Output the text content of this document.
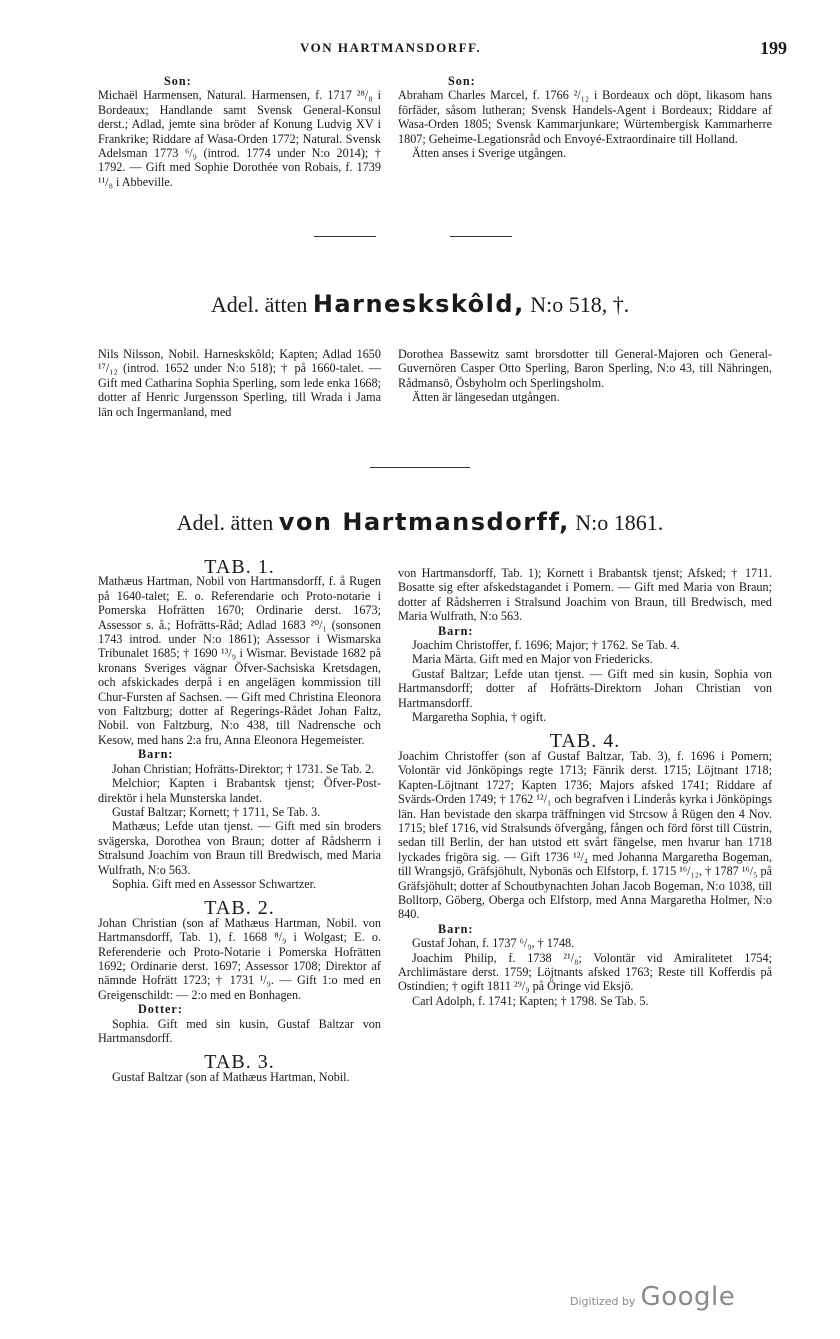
VON HARTMANSDORFF.	199

Son:

Michaël Harmensen, Natural. Harmensen, f. 1717 ²⁸/₈ i Bordeaux; Handlande samt Svensk General-Konsul derst.; Adlad, jemte sina bröder af Konung Ludvig XV i Frankrike; Riddare af Wasa-Orden 1772; Natural. Svensk Adelsman 1773 ⁶/₉ (introd. 1774 under N:o 2014); † 1792. — Gift med Sophie Dorothée von Robais, f. 1739 ¹¹/₈ i Abbeville.

Son:

Abraham Charles Marcel, f. 1766 ²/₁₂ i Bordeaux och döpt, likasom hans förfäder, såsom lutheran; Svensk Handels-Agent i Bordeaux; Riddare af Wasa-Orden 1805; Svensk Kammarjunkare; Würtembergisk Kammarherre 1807; Geheime-Legationsråd och Envoyé-Extraordinaire till Holland.

Ätten anses i Sverige utgången.

Adel. ätten Harneskskôld, N:o 518, †.

Nils Nilsson, Nobil. Harneskskôld; Kapten; Adlad 1650 ¹⁷/₁₂ (introd. 1652 under N:o 518); † på 1660-talet. — Gift med Catharina Sophia Sperling, som lede enka 1668; dotter af Henric Jurgensson Sperling, till Wrada i Jama län och Ingermanland, med

Dorothea Bassewitz samt brorsdotter till General-Majoren och General-Guvernören Casper Otto Sperling, Baron Sperling, N:o 43, till Nähringen, Rådmansö, Ösbyholm och Sperlingsholm.

Ätten är längesedan utgången.

Adel. ätten von Hartmansdorff, N:o 1861.

TAB. 1.

Mathæus Hartman, Nobil von Hartmansdorff, f. å Rugen på 1640-talet; E. o. Referendarie och Proto-notarie i Pomerska Hofrätten 1670; Ordinarie derst. 1673; Assessor s. å.; Hofrätts-Råd; Adlad 1683 ²⁰/₁ (sonsonen 1743 introd. under N:o 1861); Assessor i Wismarska Tribunalet 1685; † 1690 ¹³/₉ i Wismar. Bevistade 1682 på kronans Sveriges vägnar Öfver-Sachsiska Kretsdagen, och afskickades derpå i en angelägen kommission till Chur-Fursten af Sachsen. — Gift med Christina Eleonora von Faltzburg; dotter af Regerings-Rådet Johan Faltz, Nobil. von Faltzburg, N:o 438, till Nadrensche och Kesow, med hans 2:a fru, Anna Eleonora Hegemeister.

Barn:

Johan Christian; Hofrätts-Direktor; † 1731. Se Tab. 2.

Melchior; Kapten i Brabantsk tjenst; Öfver-Post-direktör i hela Munsterska landet.

Gustaf Baltzar; Kornett; † 1711, Se Tab. 3.

Mathæus; Lefde utan tjenst. — Gift med sin broders svägerska, Dorothea von Braun; dotter af Rådsherrn i Stralsund Joachim von Braun till Bredwisch, med Maria Wulfrath, N:o 563.

Sophia. Gift med en Assessor Schwartzer.

TAB. 2.

Johan Christian (son af Mathæus Hartman, Nobil. von Hartmansdorff, Tab. 1), f. 1668 ⁸/₉ i Wolgast; E. o. Referenderie och Proto-Notarie i Pomerska Hofrätten 1692; Ordinarie derst. 1697; Assessor 1708; Direktor af nämnde Hofrätt 1723; † 1731 ¹/₉. — Gift 1:o med en Greigenschildt: — 2:o med en Bonhagen.

Dotter:

Sophia. Gift med sin kusin, Gustaf Baltzar von Hartmansdorff.

TAB. 3.

Gustaf Baltzar (son af Mathæus Hartman, Nobil.

von Hartmansdorff, Tab. 1); Kornett i Brabantsk tjenst; Afsked; † 1711. Bosatte sig efter afskedstagandet i Pomern. — Gift med Maria von Braun; dotter af Rådsherren i Stralsund Joachim von Braun, till Bredwisch, med Maria Wulfrath, N:o 563.

Barn:

Joachim Christoffer, f. 1696; Major; † 1762. Se Tab. 4.

Maria Märta. Gift med en Major von Friedericks.

Gustaf Baltzar; Lefde utan tjenst. — Gift med sin kusin, Sophia von Hartmansdorff; dotter af Hofrätts-Direktorn Johan Christian von Hartmansdorff.

Margaretha Sophia, † ogift.

TAB. 4.

Joachim Christoffer (son af Gustaf Baltzar, Tab. 3), f. 1696 i Pomern; Volontär vid Jönköpings regte 1713; Fänrik derst. 1715; Löjtnant 1718; Kapten-Löjtnant 1727; Kapten 1736; Majors afsked 1741; Riddare af Svärds-Orden 1749; † 1762 ¹²/₁ och begrafven i Linderås kyrka i Jönköpings län. Han bevistade den skarpa träffningen vid Strcsow å Rügen den 4 Nov. 1715; blef 1716, vid Stralsunds öfvergång, fången och förd först till Cüstrin, sedan till Berlin, der han utstod ett svårt fängelse, men hvarur han 1718 lyckades frigöra sig. — Gift 1736 ¹²/₄ med Johanna Margaretha Bogeman, till Wrangsjö, Gräfsjöhult, Nybonäs och Elfstorp, f. 1715 ¹⁶/₁₂, † 1787 ¹⁶/₅ på Gräfsjöhult; dotter af Schoutbynachten Johan Jacob Bogeman, N:o 1038, till Bolltorp, Göberg, Oberga och Elfstorp, med Anna Margaretha Holmer, N:o 840.

Barn:

Gustaf Johan, f. 1737 ⁶/₉, † 1748.

Joachim Philip, f. 1738 ²¹/₈; Volontär vid Amiralitetet 1754; Archlimästare derst. 1759; Löjtnants afsked 1763; Reste till Kofferdis på Ostindien; † ogift 1811 ²⁹/₉ på Öringe vid Eksjö.

Carl Adolph, f. 1741; Kapten; † 1798. Se Tab. 5.

Digitized by Google
